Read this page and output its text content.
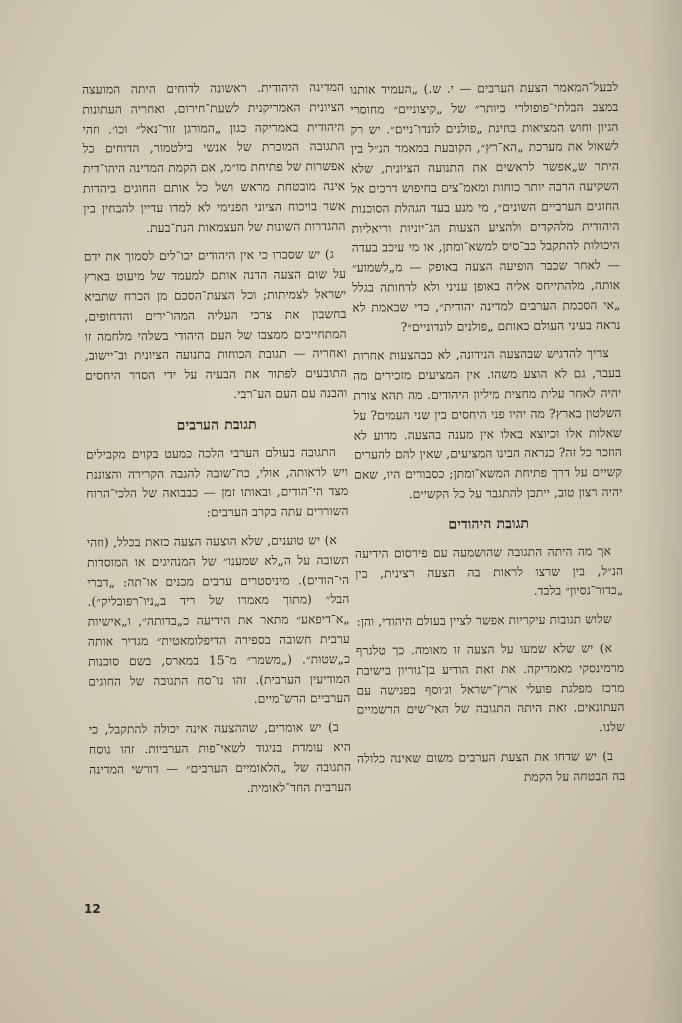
לבעל־המאמר הצעת הערבים — י. ש.) „העמיד אותנו במצב הבלתי־פופולרי ביותר״ של „קיצוניים״ מחוסרי הגיון וחוש המציאות בחינת „פולנים לונדו־ניים״. יש רק לשאול את מערכת „הא־רץ״, הקובעת במאמר הנ״ל בין היתר ש„אפשר לראשים את התנועה הציונית, שלא השקיעה הרבה יותר כוחות ומאמ־צים בחיפוש דרכים אל החוגים הערביים השונים״, מי מנע בעד הגהלת הסוכנות היהודית מלהקדים ולהציע הצעות הג־יוניות וריאליות היכולות להתקבל כב־סיס למשא־ומתן, או מי עיכב בעדה — לאחר שכבר הופיעה הצעה באופק — מ„לשמוע״ אותה, מלהתייחס אליה באופן עניני ולא לדחותה בגלל „אי הסכמת הערבים למדינה יהודית״, כדי שבאמת לא נראה בעיני העולם כאותם „פולנים לונדוניים״?

צריך להדגיש שבהצעה הנידונה, לא כבהצעות אחרות בעבר, גם לא הוצע משהו. אין המציעים מזכירים מה יהיה לאחר עלית מחצית מיליון היהודים. מה תהא צורת השלטון בארץ? מה יהיו פני היחסים בין שני העמים? על שאלות אלו וכיוצא באלו אין מענה בהצעה. מדוע לא הוזכר כל זה? כנראה הבינו המציעים, שאין להם להערים קשיים על דרך פתיחת המשא־ומתן; כסבורים היו, שאם יהיה רצון טוב, ייתכן להתגבר על כל הקשיים.

תגובת היהודים

אך מה היתה התגובה שהושמעה עם פירסום הידיעה הנ״ל, בין שרצו לראות בה הצעה רצינית, בין „כדור־נסיון״ בלבד.

שלוש תגובות עיקריות אפשר לציין בעולם היהודי, והן:

א) יש שלא שמעו על הצעה זו מאומה. כך טלגרף מרמינסקי מאמריקה. את זאת הודיע בן־גוריון בישיבת מרכז מפלגת פועלי ארץ־ישראל וג׳וסף בפגישה עם העתונאים. זאת היתה התגובה של האי־שים הרשמיים שלנו.

ב) יש שדחו את הצעת הערבים משום שאינה כלולה בה הבטחה על הקמת

המדינה היהודית. ראשונה לדוחים היתה המועצה הציונית האמריקנית לשעת־חירום, ואחריה העתונות היהודית באמריקה כגון „המורגן זור־נאל״ וכו׳. וזהי התגובה המוכרת של אנשי בילטמור, הדוחים כל אפשרות של פתיחת מו״מ, אם הקמת המדינה היהו־דית אינה מובטחת מראש ושל כל אותם החוגים ביהדות אשר בויכוח הציוני הפנימי לא למדו עדיין להבחין בין ההגדרות השונות של העצמאות הנת־בעת.

ג) יש שסברו כי אין היהודים יכו־לים לסמוך את ידם על שום הצעה הדנה אותם למעמד של מיעוט בארץ ישראל לצמיתות; וכל הצעת־הסכם מן הכרח שתביא בחשבון את צרכי העליה המהו־ירים והדחופים, המתחייבים ממצבו של העם היהודי בשלהי מלחמה זו ואחריה — תגובת הכוחות בתנועה הציונית וב־יישוב, התובעים לפתור את הבעיה על ידי הסדר היחסים והבנה עם העם הע־רבי.

תגובת הערבים

התגובה בעולם הערבי הלכה כמעט בקוים מקבילים ויש לראותה, אולי, כת־שובה להגבה הקרירה והצוננת מצד הי־הודים, ובאותו זמן — כבבואה של הלכי־הרוח השוררים עתה בקרב הערבים:

א) יש טוענים, שלא הוצעה הצעה כזאת בכלל, (וזהי תשובה על ה„לא שמענו״ של המנהיגים או המוסדות הי־הודים). מיניסטרים ערבים מכנים או־תה: „דברי הבל״ (מתוך מאמרו של ריד ב„ניו־רפובליק״). „א־דיפאע״ מתאר את הידיעה כ„בדותה״, ו„אישיות ערבית חשובה בספירה הדיפלומאטית״ מגדיר אותה כ„שטות״. („משמר״ מ־15 במארס, בשם סוכנות המודיעין הערבית). זהו נו־סח התגובה של החוגים הערביים הרש־מיים.

ב) יש אומרים, שההצעה אינה יכולה להתקבל, כי היא עומדת בניגוד לשאי־פות הערביות. זהו נוסח התגובה של „הלאומיים הערבים״ — דורשי המדינה הערבית החד־לאומית.

12
